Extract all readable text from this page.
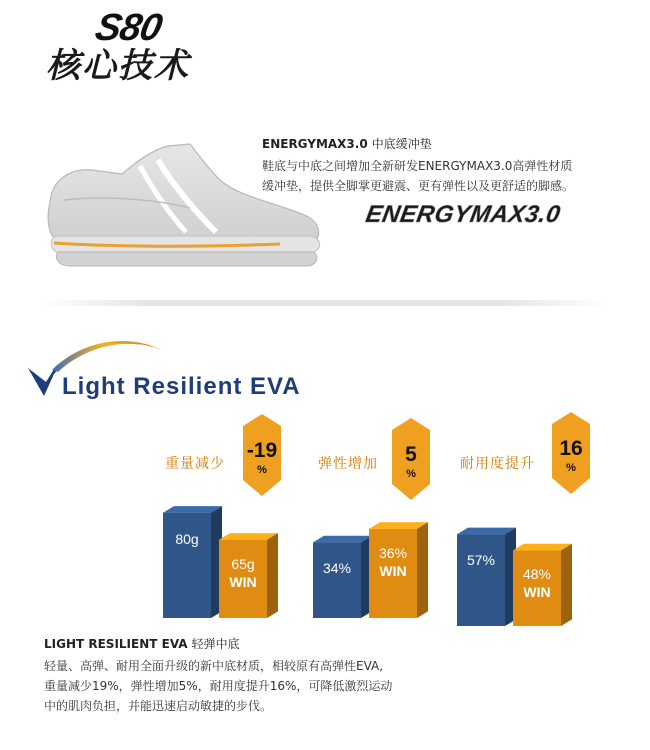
S80
核心技术
ENERGYMAX3.0 中底缓冲垫
鞋底与中底之间增加全新研发ENERGYMAX3.0高弹性材质
缓冲垫，提供全脚掌更避震、更有弹性以及更舒适的脚感。
ENERGYMAX3.0
Light Resilient EVA
重量减少
-19
%
80g
65g
WIN
弹性增加	5
%
34%
36%
WIN
耐用度提升
16
%
57%
48%
WIN
LIGHT RESILIENT EVA 轻弹中底
轻量、高弹、耐用全面升级的新中底材质，相较原有高弹性EVA,
重量减少19%，弹性增加5%，耐用度提升16%，可降低激烈运动
中的肌肉负担，并能迅速启动敏捷的步伐。
